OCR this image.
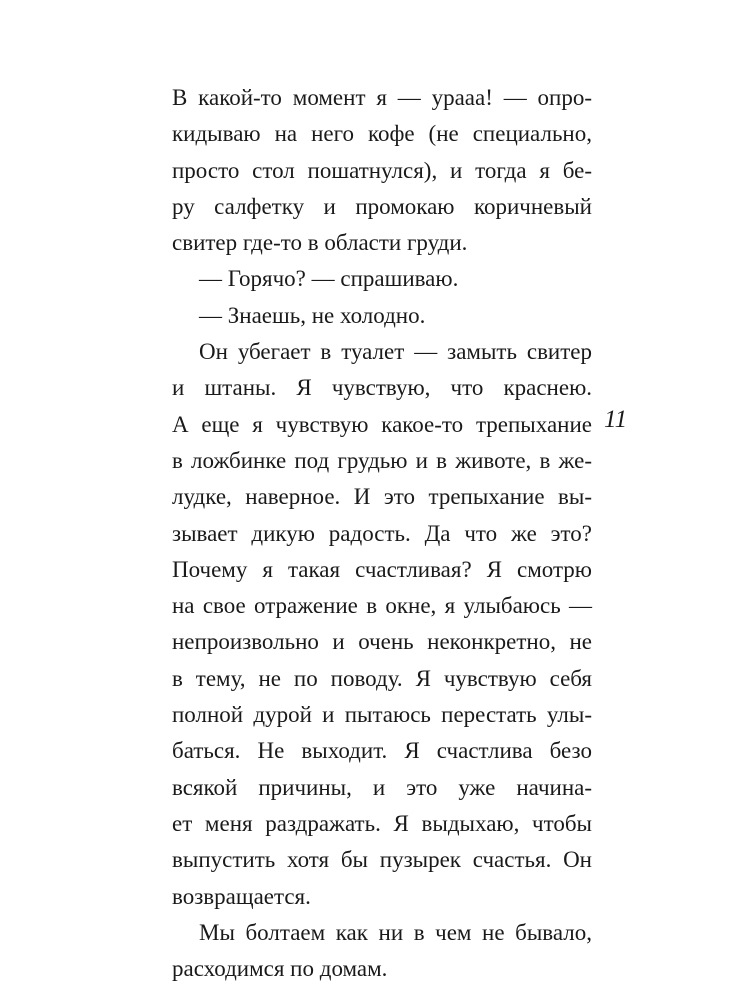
В какой-то момент я — урааа! — опро-
кидываю на него кофе (не специально,
просто стол пошатнулся), и тогда я бе-
ру салфетку и промокаю коричневый
свитер где-то в области груди.
— Горячо? — спрашиваю.
— Знаешь, не холодно.
Он убегает в туалет — замыть свитер
и штаны. Я чувствую, что краснею.
А еще я чувствую какое-то трепыхание
в ложбинке под грудью и в животе, в же-
лудке, наверное. И это трепыхание вы-
зывает дикую радость. Да что же это?
Почему я такая счастливая? Я смотрю
на свое отражение в окне, я улыбаюсь —
непроизвольно и очень неконкретно, не
в тему, не по поводу. Я чувствую себя
полной дурой и пытаюсь перестать улы-
баться. Не выходит. Я счастлива безо
всякой причины, и это уже начина-
ет меня раздражать. Я выдыхаю, чтобы
выпустить хотя бы пузырек счастья. Он
возвращается.
Мы болтаем как ни в чем не бывало,
расходимся по домам.
11
